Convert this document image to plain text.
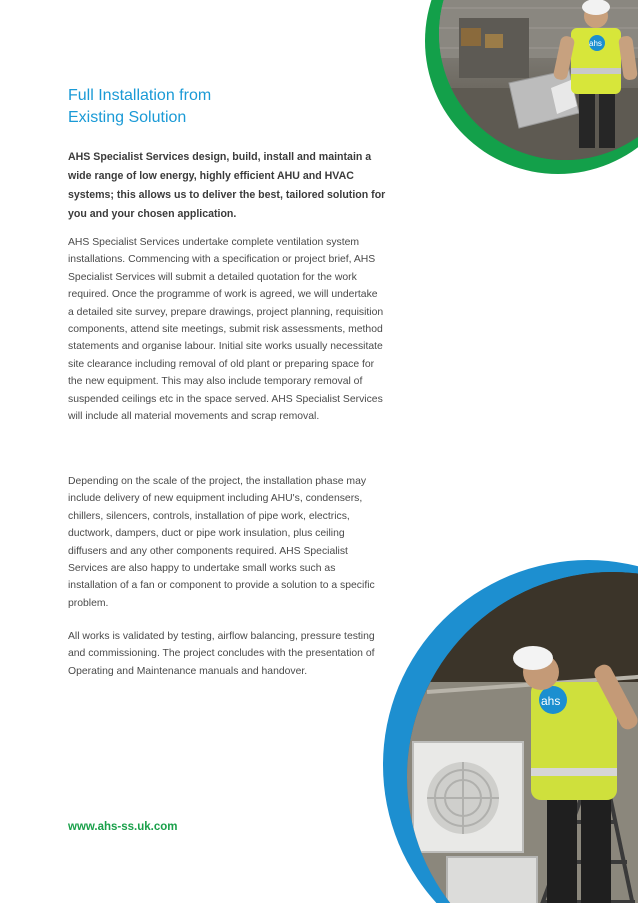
ahs
Full Installation from
Existing Solution

AHS Specialist Services design, build, install and maintain a wide range of low energy, highly efficient AHU and HVAC systems; this allows us to deliver the best, tailored solution for you and your chosen application.

AHS Specialist Services undertake complete ventilation system installations. Commencing with a specification or project brief, AHS Specialist Services will submit a detailed quotation for the work required. Once the programme of work is agreed, we will undertake a detailed site survey, prepare drawings, project planning, requisition components, attend site meetings, submit risk assessments, method statements and organise labour. Initial site works usually necessitate site clearance including removal of old plant or preparing space for the new equipment. This may also include temporary removal of suspended ceilings etc in the space served. AHS Specialist Services will include all material movements and scrap removal.

Depending on the scale of the project, the installation phase may include delivery of new equipment including AHU's, condensers, chillers, silencers, controls, installation of pipe work, electrics, ductwork, dampers, duct or pipe work insulation, plus ceiling diffusers and any other components required. AHS Specialist Services are also happy to undertake small works such as installation of a fan or component to provide a solution to a specific problem.

All works is validated by testing, airflow balancing, pressure testing and commissioning. The project concludes with the presentation of Operating and Maintenance manuals and handover.

ahs
www.ahs-ss.uk.com
